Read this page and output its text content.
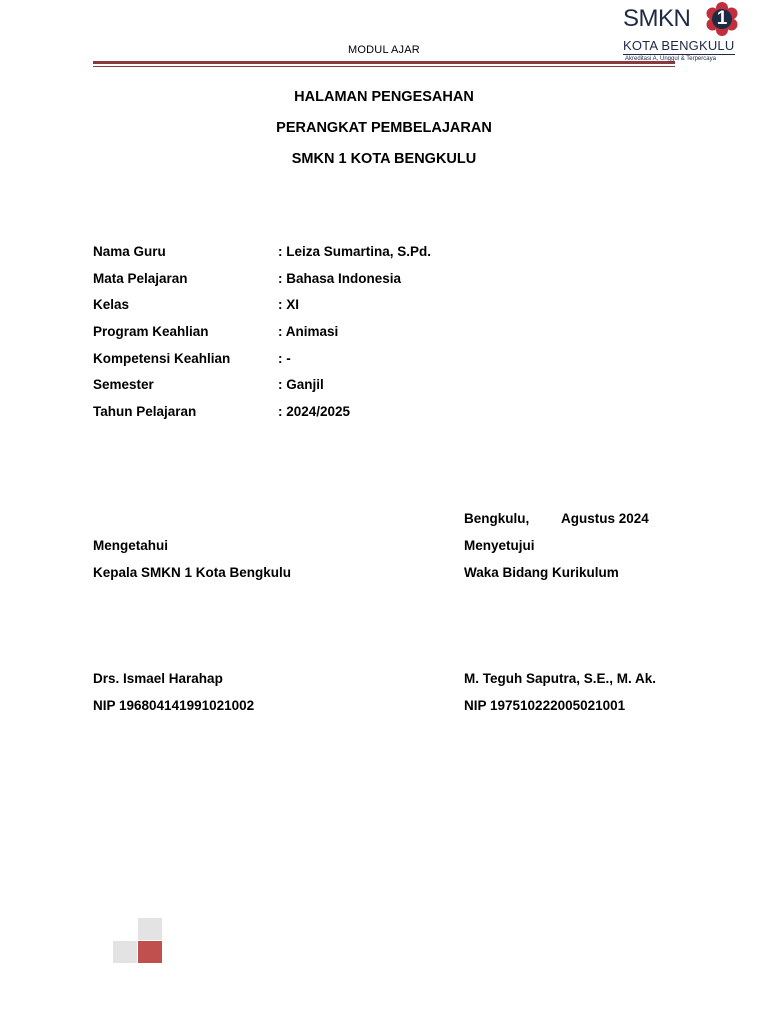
MODUL AJAR
SMKN	1
KOTA BENGKULU
Akreditasi A, Unggul & Terpercaya
HALAMAN PENGESAHAN
PERANGKAT PEMBELAJARAN
SMKN 1 KOTA BENGKULU
Nama Guru	: Leiza Sumartina, S.Pd.
Mata Pelajaran	: Bahasa Indonesia
Kelas	: XI
Program Keahlian	: Animasi
Kompetensi Keahlian	: -
Semester	: Ganjil
Tahun Pelajaran	: 2024/2025
Bengkulu, Agustus 2024
Mengetahui
Kepala SMKN 1 Kota Bengkulu
Drs. Ismael Harahap
NIP 196804141991021002
Menyetujui
Waka Bidang Kurikulum
M. Teguh Saputra, S.E., M. Ak.
NIP 197510222005021001
